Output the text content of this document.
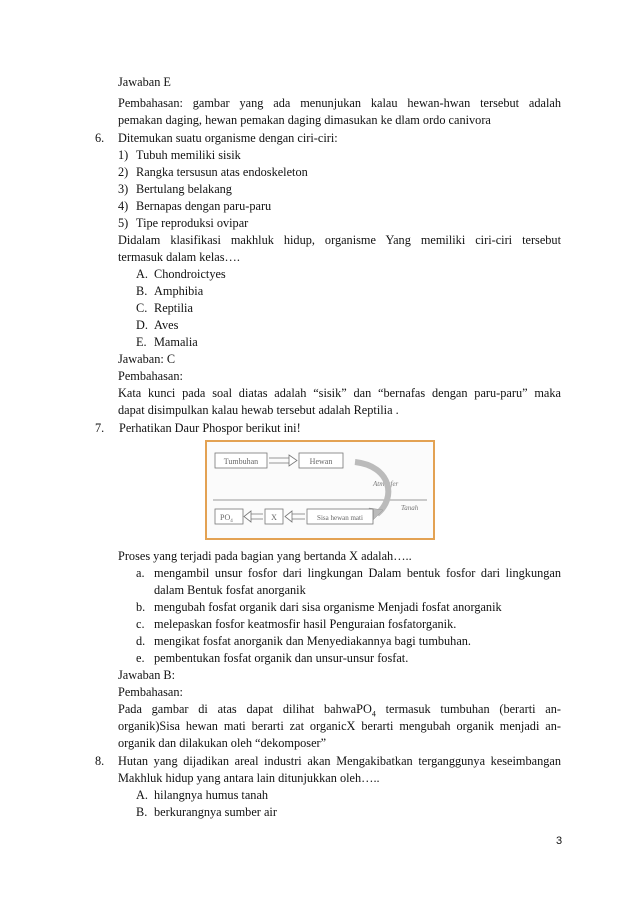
Jawaban E
Pembahasan: gambar yang ada menunjukan kalau hewan-hwan tersebut adalah
pemakan daging, hewan pemakan daging dimasukan ke dlam ordo canivora
6. Ditemukan suatu organisme dengan ciri-ciri:
1) Tubuh memiliki sisik
2) Rangka tersusun atas endoskeleton
3) Bertulang belakang
4) Bernapas dengan paru-paru
5) Tipe reproduksi ovipar
Didalam klasifikasi makhluk hidup, organisme Yang memiliki ciri-ciri tersebut
termasuk dalam kelas….
A. Chondroictyes
B. Amphibia
C. Reptilia
D. Aves
E. Mamalia
Jawaban: C
Pembahasan:
Kata kunci pada soal diatas adalah “sisik” dan “bernafas dengan paru-paru” maka
dapat disimpulkan kalau hewab tersebut adalah Reptilia .
7. Perhatikan Daur Phospor berikut ini!
Tumbuhan	Hewan
Atmosfer
Tanah
$PO_4$	X	Sisa hewan mati
Proses yang terjadi pada bagian yang bertanda X adalah…..
a. mengambil unsur fosfor dari lingkungan Dalam bentuk fosfor dari lingkungan
dalam Bentuk fosfat anorganik
b. mengubah fosfat organik dari sisa organisme Menjadi fosfat anorganik
c. melepaskan fosfor keatmosfir hasil Penguraian fosfatorganik.
d. mengikat fosfat anorganik dan Menyediakannya bagi tumbuhan.
e. pembentukan fosfat organik dan unsur-unsur fosfat.
Jawaban B:
Pembahasan:
Pada gambar di atas dapat dilihat bahwaPO$_4$ termasuk tumbuhan (berarti an-
organik)Sisa hewan mati berarti zat organicX berarti mengubah organik menjadi an-
organik dan dilakukan oleh “dekomposer”
8. Hutan yang dijadikan areal industri akan Mengakibatkan terganggunya keseimbangan
Makhluk hidup yang antara lain ditunjukkan oleh…..
A. hilangnya humus tanah
B. berkurangnya sumber air
3
